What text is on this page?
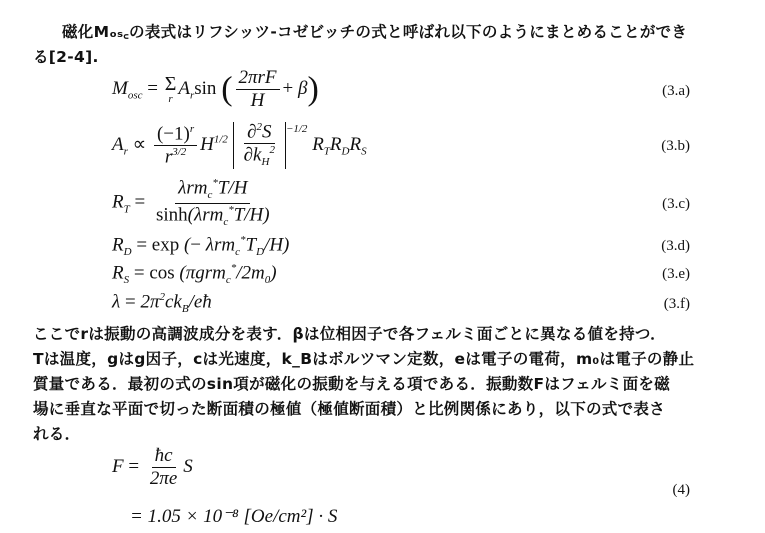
磁化Mₒₛ꜀の表式はリフシッツ‐コゼビッチの式と呼ばれ以下のようにまとめることができ
る[2‐4].
$M_{osc} = \Sigma$
r
$A_r\sin$ ( $\frac{\text{2πrF}}{H} + \beta$)	(3.a)
$A_r \propto \frac{(-1)^r}{r^{3/2}} H^{1/2} \frac{\partial^2S}{\partial k_H^2} ^{-1/2}$ $R_TR_DR_S$	(3.b)
$R_T = \frac{\lambda rm_c^*T/H}{\sinh(\lambda rm_c^*T/H)}$	(3.c)
$R_D = \exp$ (− $\lambda rm_c^*T_D/H$)	(3.d)
$R_S = \cos (\pi grm_c^*/2m_0)$	(3.e)
$\lambda = 2\pi^2ck_B/eħ$	(3.f)
ここでrは振動の高調波成分を表す．βは位相因子で各フェルミ面ごとに異なる値を持つ．
Tは温度，gはg因子，cは光速度，k_Bはボルツマン定数，eは電子の電荷，m₀は電子の静止
質量である．最初の式のsin項が磁化の振動を与える項である．振動数Fはフェルミ面を磁
場に垂直な平面で切った断面積の極値（極値断面積）と比例関係にあり，以下の式で表さ
れる．
$F = \frac{ħc}{2\pi e}$ S
(4)
= 1.05 × 10⁻⁸ [Oe/cm²] · S
